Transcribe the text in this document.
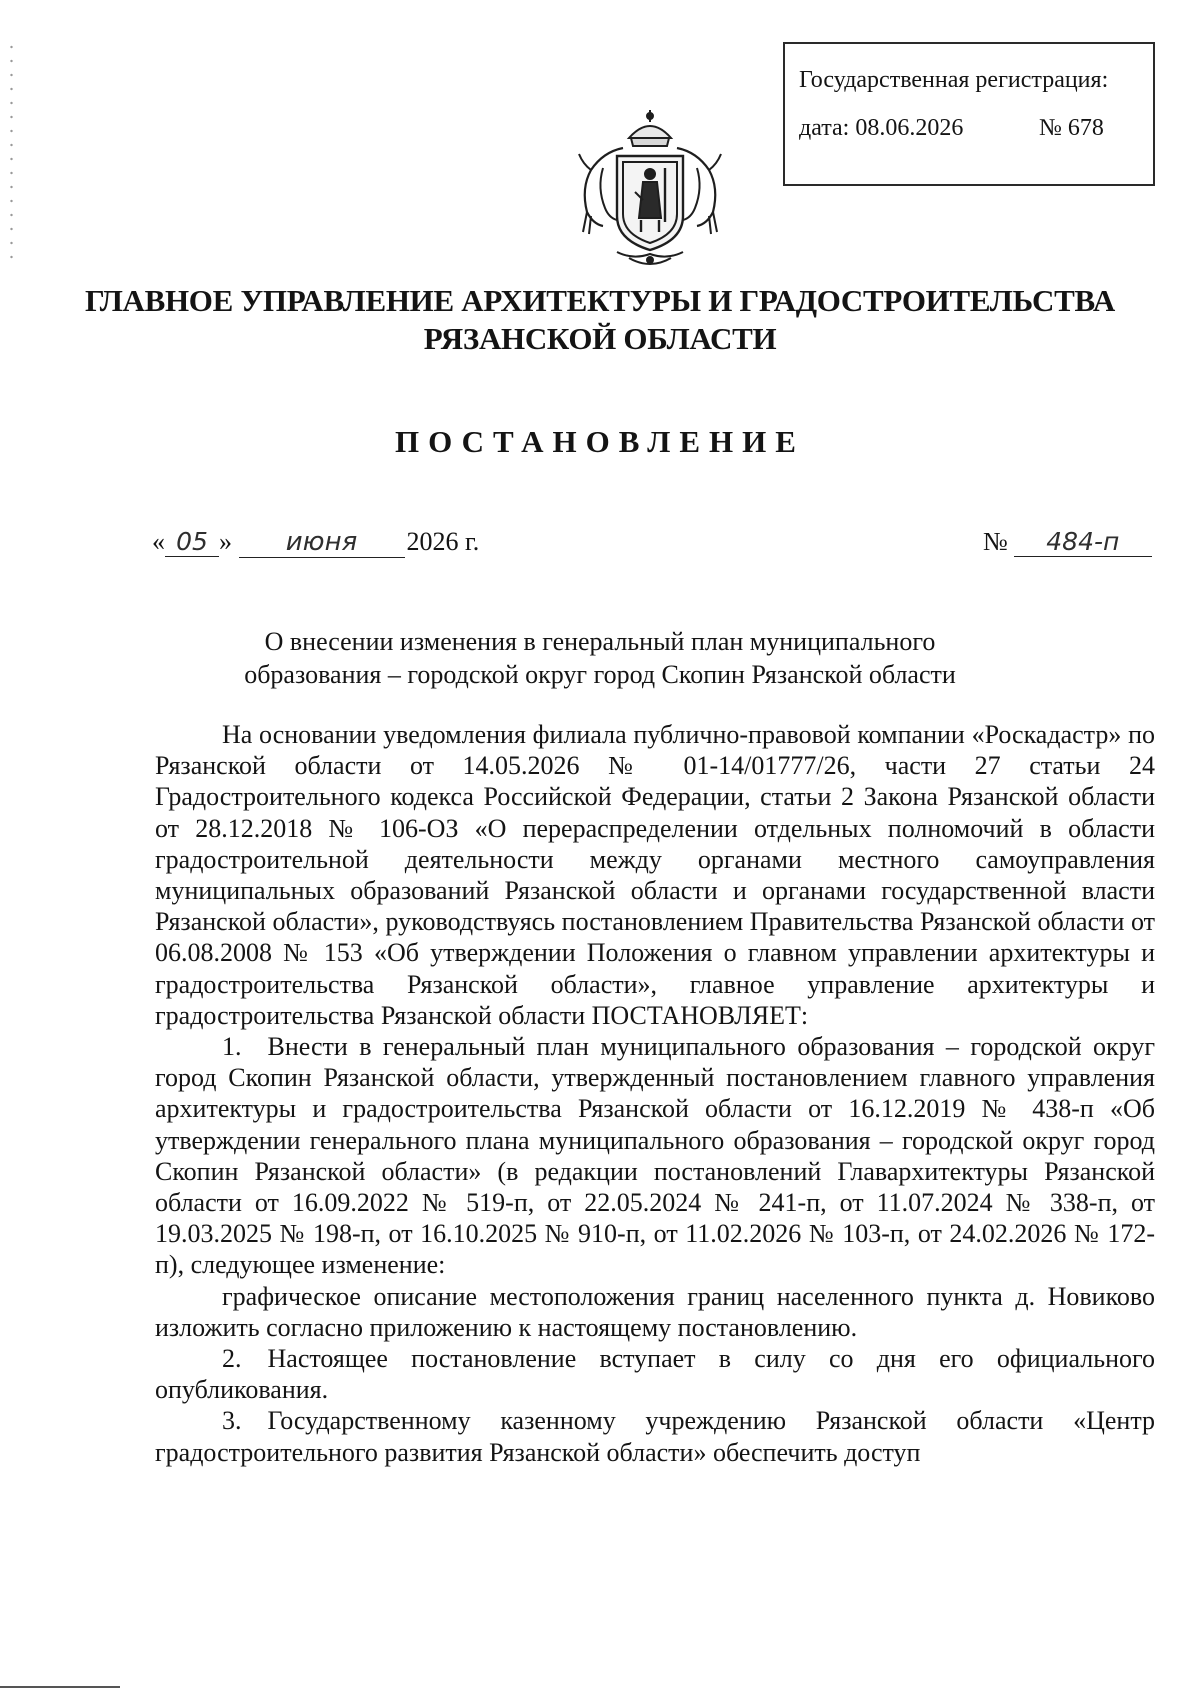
Государственная регистрация:
дата: 08.06.2026	№ 678
ГЛАВНОЕ УПРАВЛЕНИЕ АРХИТЕКТУРЫ И ГРАДОСТРОИТЕЛЬСТВА
РЯЗАНСКОЙ ОБЛАСТИ
ПОСТАНОВЛЕНИЕ
« 05 » июня 2026 г.	№ 484-п
О внесении изменения в генеральный план муниципального
образования – городской округ город Скопин Рязанской области

На основании уведомления филиала публично-правовой компании «Роскадастр» по Рязанской области от 14.05.2026 № 01-14/01777/26, части 27 статьи 24 Градостроительного кодекса Российской Федерации, статьи 2 Закона Рязанской области от 28.12.2018 № 106-ОЗ «О перераспределении отдельных полномочий в области градостроительной деятельности между органами местного самоуправления муниципальных образований Рязанской области и органами государственной власти Рязанской области», руководствуясь постановлением Правительства Рязанской области от 06.08.2008 № 153 «Об утверждении Положения о главном управлении архитектуры и градостроительства Рязанской области», главное управление архитектуры и градостроительства Рязанской области ПОСТАНОВЛЯЕТ:

1. Внести в генеральный план муниципального образования – городской округ город Скопин Рязанской области, утвержденный постановлением главного управления архитектуры и градостроительства Рязанской области от 16.12.2019 № 438-п «Об утверждении генерального плана муниципального образования – городской округ город Скопин Рязанской области» (в редакции постановлений Главархитектуры Рязанской области от 16.09.2022 № 519-п, от 22.05.2024 № 241-п, от 11.07.2024 № 338-п, от 19.03.2025 № 198-п, от 16.10.2025 № 910-п, от 11.02.2026 № 103-п, от 24.02.2026 № 172-п), следующее изменение:

графическое описание местоположения границ населенного пункта д. Новиково изложить согласно приложению к настоящему постановлению.

2. Настоящее постановление вступает в силу со дня его официального опубликования.

3. Государственному казенному учреждению Рязанской области «Центр градостроительного развития Рязанской области» обеспечить доступ
